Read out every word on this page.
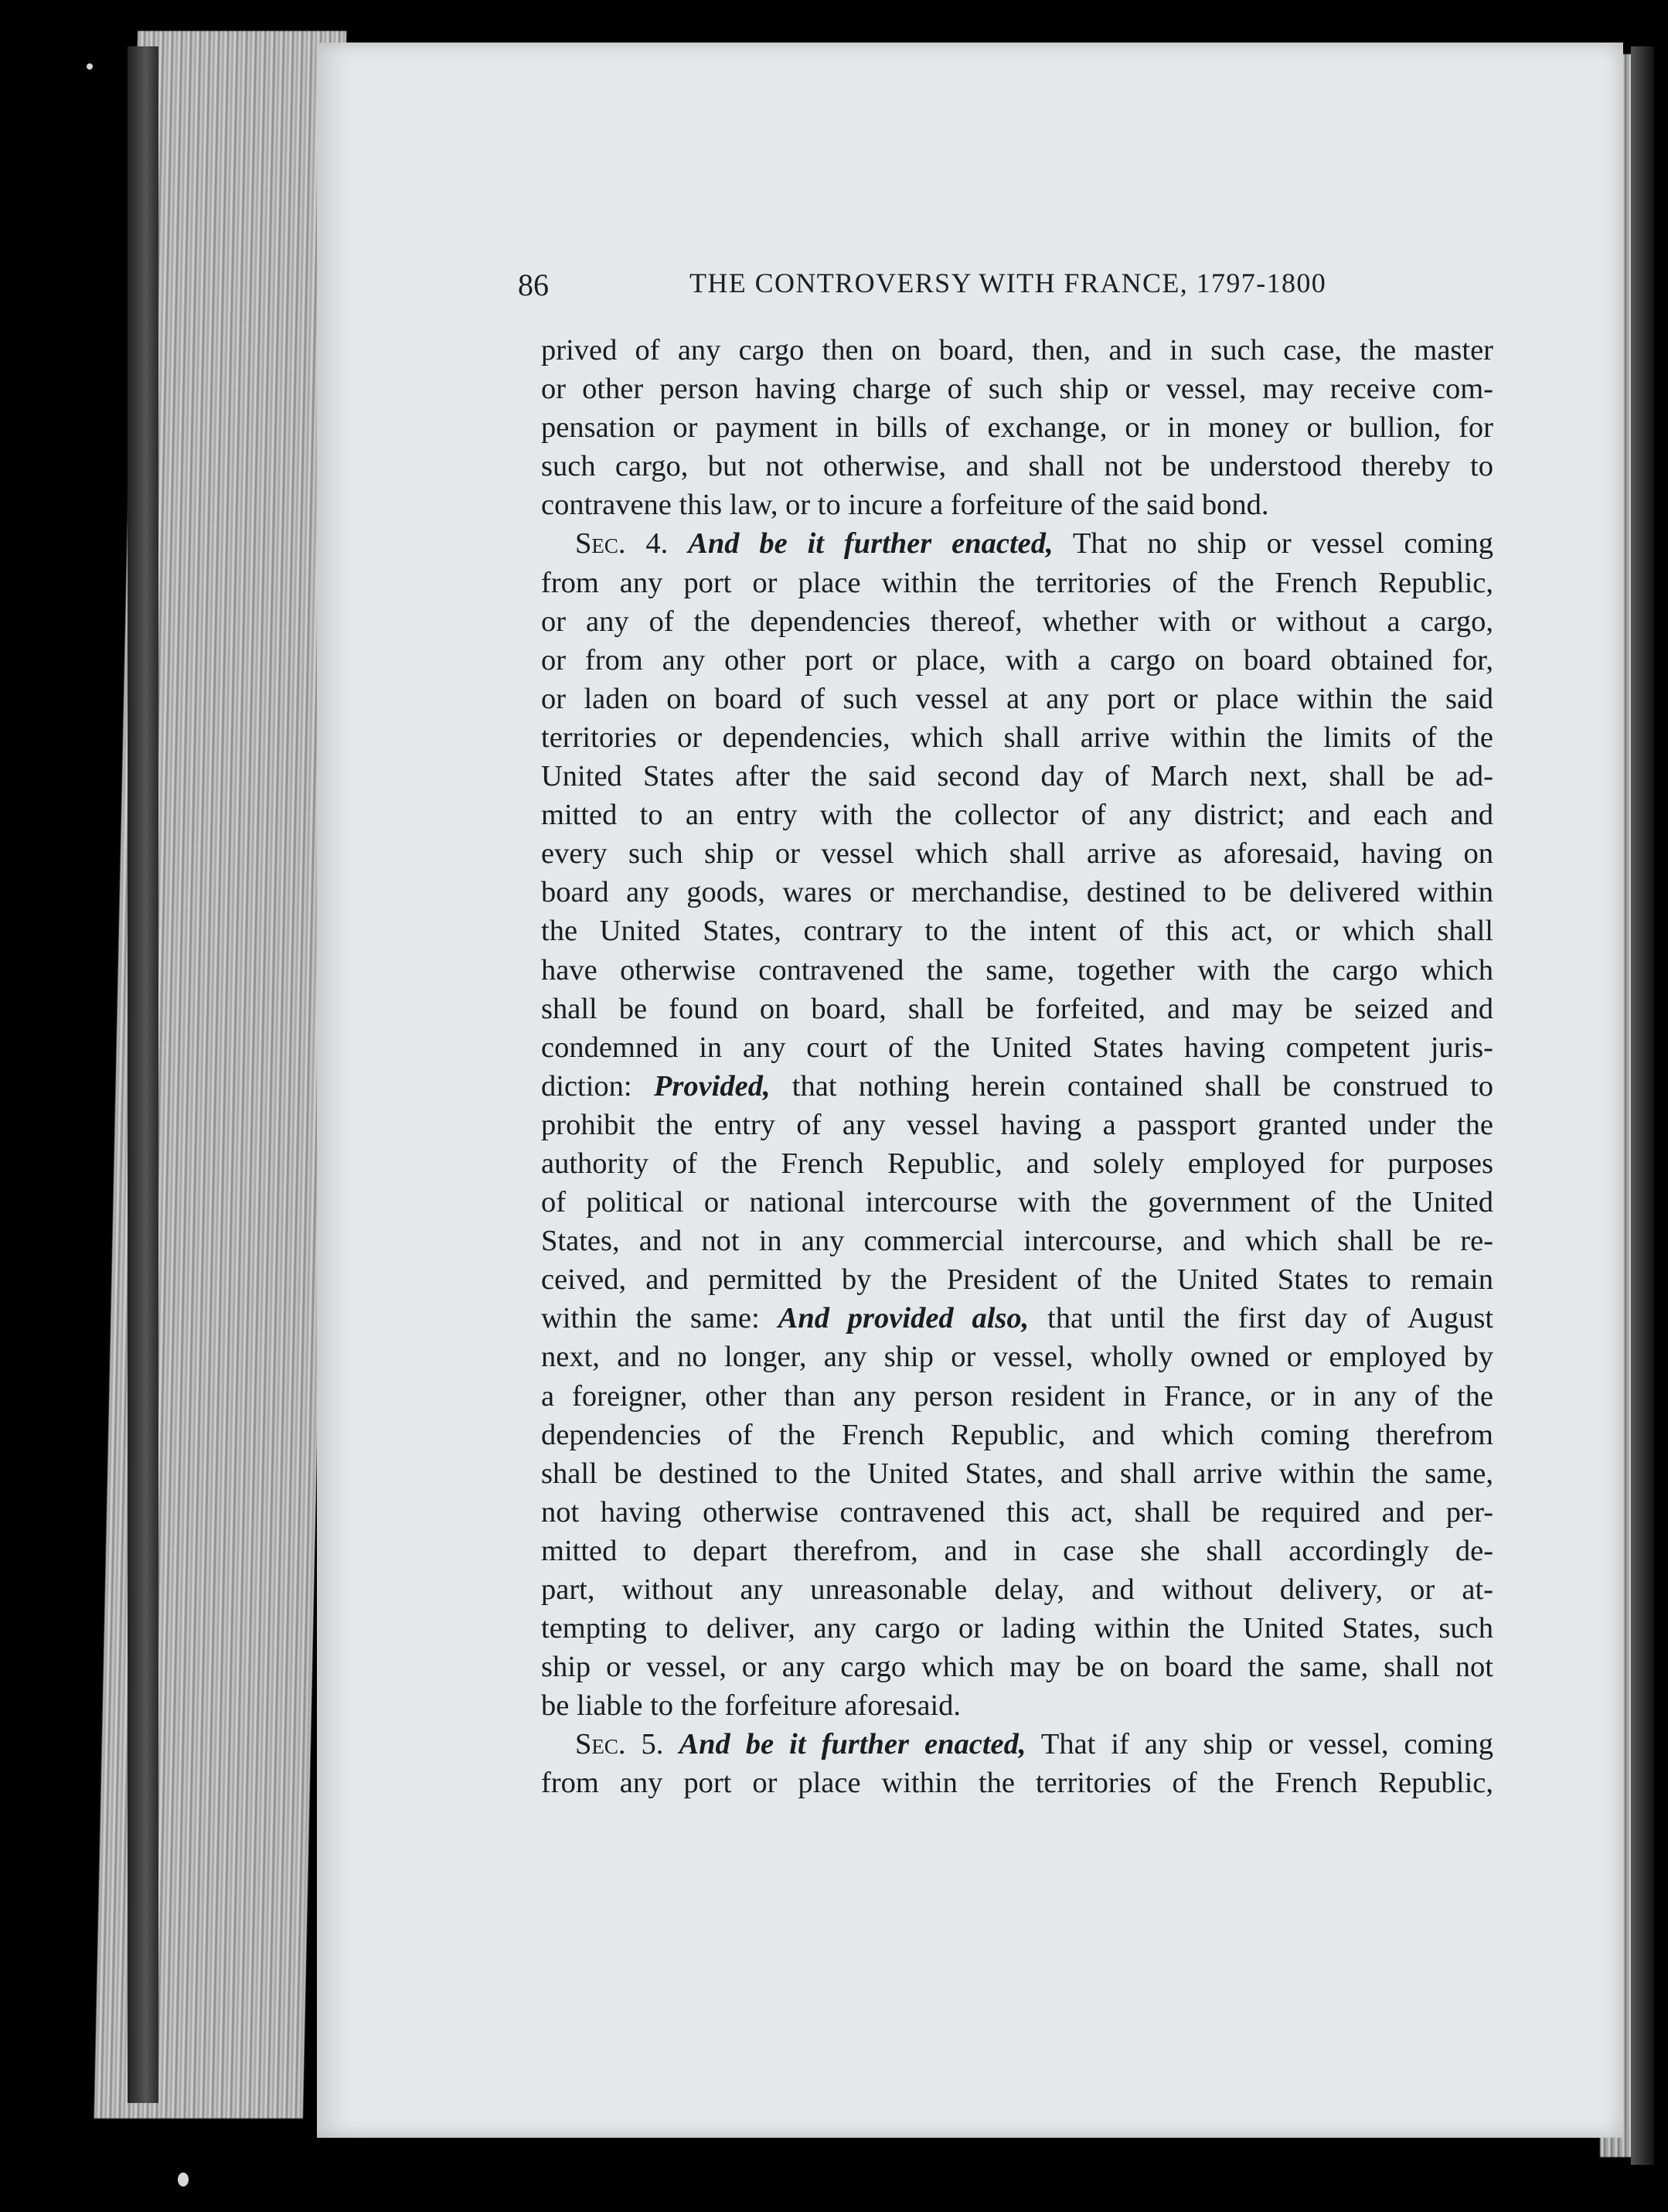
86	THE CONTROVERSY WITH FRANCE, 1797-1800
prived of any cargo then on board, then, and in such case, the master
or other person having charge of such ship or vessel, may receive com-
pensation or payment in bills of exchange, or in money or bullion, for
such cargo, but not otherwise, and shall not be understood thereby to
contravene this law, or to incure a forfeiture of the said bond.
Sec. 4. And be it further enacted, That no ship or vessel coming
from any port or place within the territories of the French Republic,
or any of the dependencies thereof, whether with or without a cargo,
or from any other port or place, with a cargo on board obtained for,
or laden on board of such vessel at any port or place within the said
territories or dependencies, which shall arrive within the limits of the
United States after the said second day of March next, shall be ad-
mitted to an entry with the collector of any district; and each and
every such ship or vessel which shall arrive as aforesaid, having on
board any goods, wares or merchandise, destined to be delivered within
the United States, contrary to the intent of this act, or which shall
have otherwise contravened the same, together with the cargo which
shall be found on board, shall be forfeited, and may be seized and
condemned in any court of the United States having competent juris-
diction: Provided, that nothing herein contained shall be construed to
prohibit the entry of any vessel having a passport granted under the
authority of the French Republic, and solely employed for purposes
of political or national intercourse with the government of the United
States, and not in any commercial intercourse, and which shall be re-
ceived, and permitted by the President of the United States to remain
within the same: And provided also, that until the first day of August
next, and no longer, any ship or vessel, wholly owned or employed by
a foreigner, other than any person resident in France, or in any of the
dependencies of the French Republic, and which coming therefrom
shall be destined to the United States, and shall arrive within the same,
not having otherwise contravened this act, shall be required and per-
mitted to depart therefrom, and in case she shall accordingly de-
part, without any unreasonable delay, and without delivery, or at-
tempting to deliver, any cargo or lading within the United States, such
ship or vessel, or any cargo which may be on board the same, shall not
be liable to the forfeiture aforesaid.
Sec. 5. And be it further enacted, That if any ship or vessel, coming
from any port or place within the territories of the French Republic,
